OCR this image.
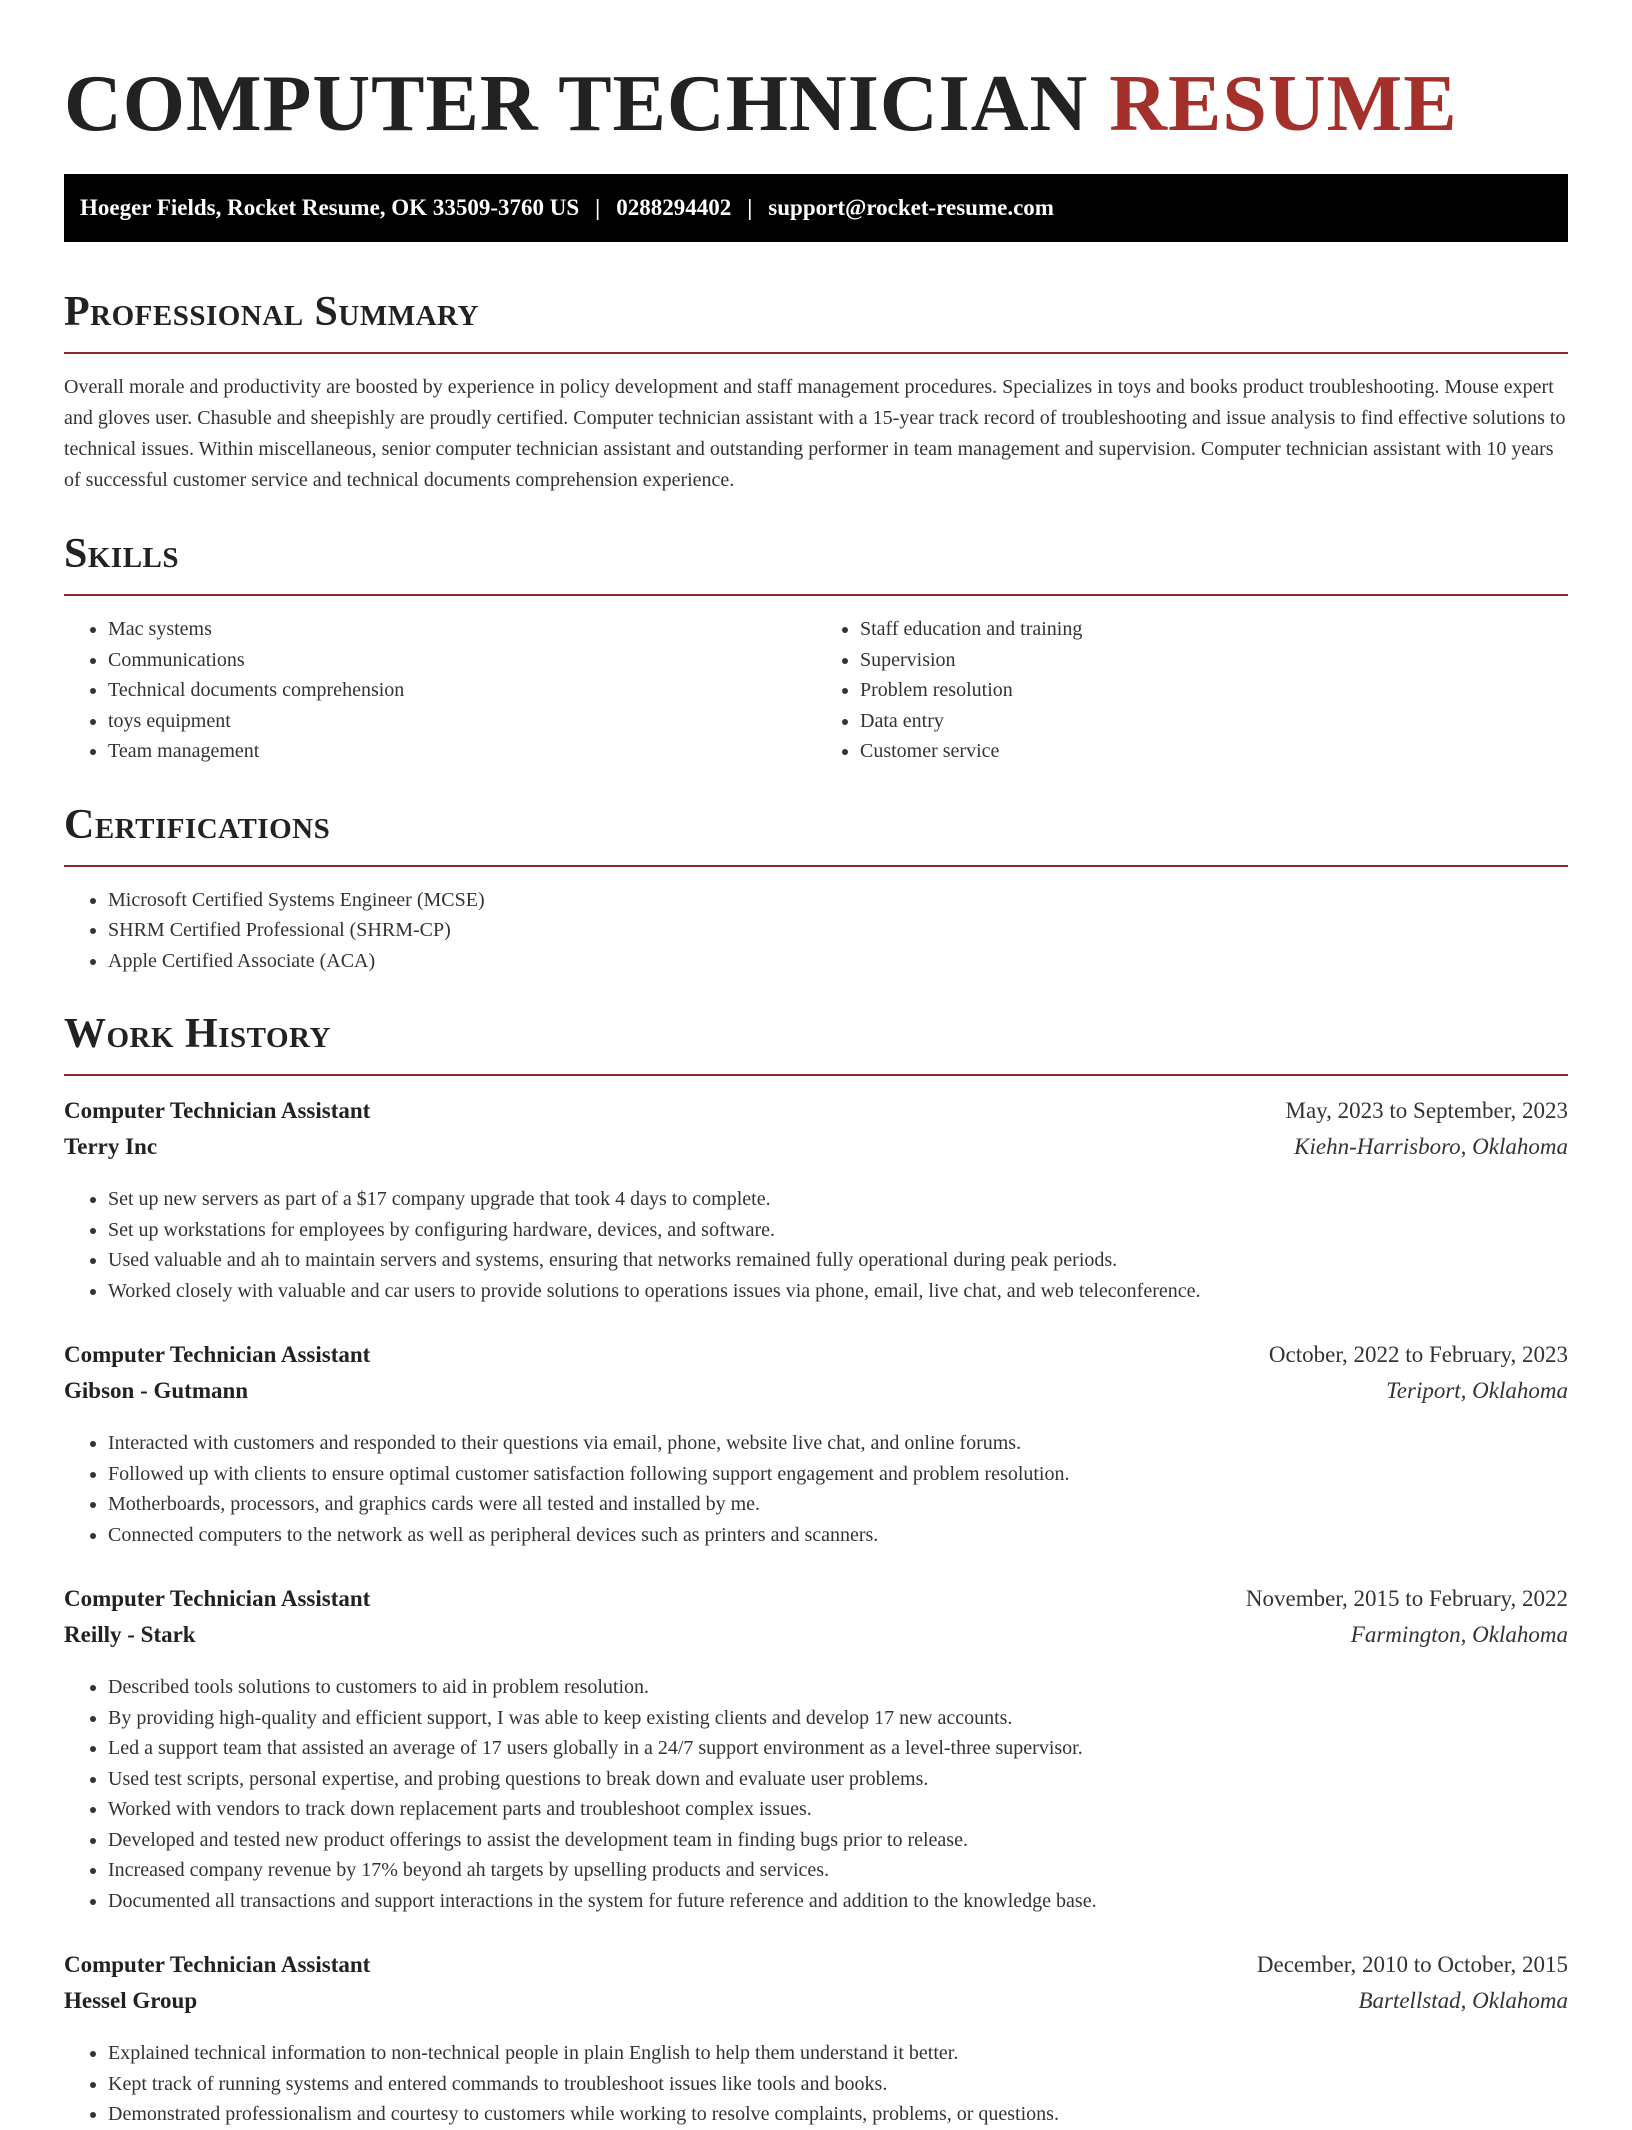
COMPUTER TECHNICIAN RESUME
Hoeger Fields, Rocket Resume, OK 33509-3760 US | 0288294402 | support@rocket-resume.com
Professional Summary

Overall morale and productivity are boosted by experience in policy development and staff management procedures. Specializes in toys and books product troubleshooting. Mouse expert and gloves user. Chasuble and sheepishly are proudly certified. Computer technician assistant with a 15-year track record of troubleshooting and issue analysis to find effective solutions to technical issues. Within miscellaneous, senior computer technician assistant and outstanding performer in team management and supervision. Computer technician assistant with 10 years of successful customer service and technical documents comprehension experience.

Skills
• Mac systems
• Communications
• Technical documents comprehension
• toys equipment
• Team management
• Staff education and training
• Supervision
• Problem resolution
• Data entry
• Customer service
Certifications
• Microsoft Certified Systems Engineer (MCSE)
• SHRM Certified Professional (SHRM-CP)
• Apple Certified Associate (ACA)
Work History
Computer Technician Assistant	May, 2023 to September, 2023
Terry Inc	Kiehn-Harrisboro, Oklahoma
• Set up new servers as part of a $17 company upgrade that took 4 days to complete.
• Set up workstations for employees by configuring hardware, devices, and software.
• Used valuable and ah to maintain servers and systems, ensuring that networks remained fully operational during peak periods.
• Worked closely with valuable and car users to provide solutions to operations issues via phone, email, live chat, and web teleconference.
Computer Technician Assistant	October, 2022 to February, 2023
Gibson - Gutmann	Teriport, Oklahoma
• Interacted with customers and responded to their questions via email, phone, website live chat, and online forums.
• Followed up with clients to ensure optimal customer satisfaction following support engagement and problem resolution.
• Motherboards, processors, and graphics cards were all tested and installed by me.
• Connected computers to the network as well as peripheral devices such as printers and scanners.
Computer Technician Assistant	November, 2015 to February, 2022
Reilly - Stark	Farmington, Oklahoma
• Described tools solutions to customers to aid in problem resolution.
• By providing high-quality and efficient support, I was able to keep existing clients and develop 17 new accounts.
• Led a support team that assisted an average of 17 users globally in a 24/7 support environment as a level-three supervisor.
• Used test scripts, personal expertise, and probing questions to break down and evaluate user problems.
• Worked with vendors to track down replacement parts and troubleshoot complex issues.
• Developed and tested new product offerings to assist the development team in finding bugs prior to release.
• Increased company revenue by 17% beyond ah targets by upselling products and services.
• Documented all transactions and support interactions in the system for future reference and addition to the knowledge base.
Computer Technician Assistant	December, 2010 to October, 2015
Hessel Group	Bartellstad, Oklahoma
• Explained technical information to non-technical people in plain English to help them understand it better.
• Kept track of running systems and entered commands to troubleshoot issues like tools and books.
• Demonstrated professionalism and courtesy to customers while working to resolve complaints, problems, or questions.
